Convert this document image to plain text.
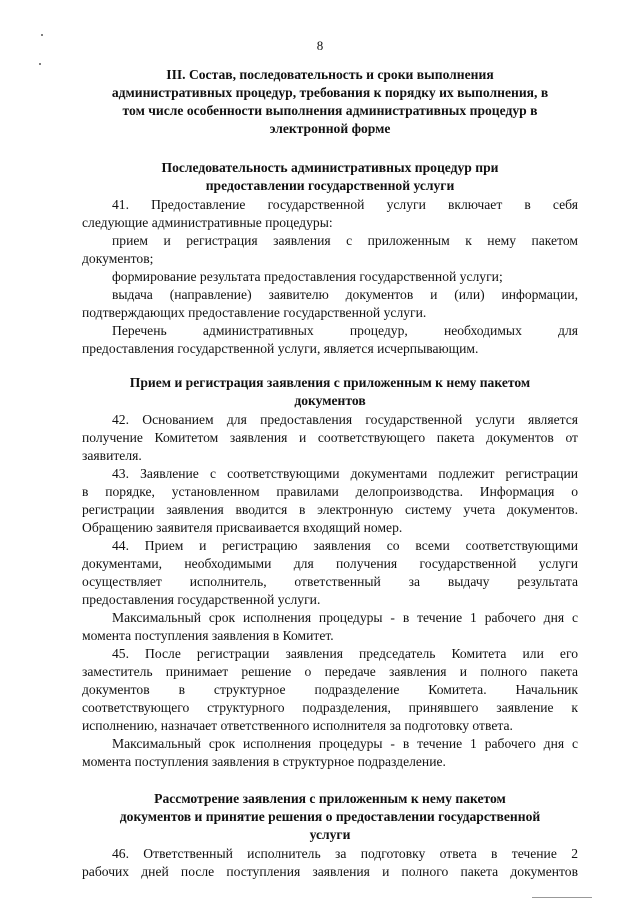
8
III. Состав, последовательность и сроки выполнения
административных процедур, требования к порядку их выполнения, в
том числе особенности выполнения административных процедур в
электронной форме
Последовательность административных процедур при
предоставлении государственной услуги
41. Предоставление государственной услуги включает в себя
следующие административные процедуры:
прием и регистрация заявления с приложенным к нему пакетом
документов;
формирование результата предоставления государственной услуги;
выдача (направление) заявителю документов и (или) информации,
подтверждающих предоставление государственной услуги.
Перечень административных процедур, необходимых для
предоставления государственной услуги, является исчерпывающим.
Прием и регистрация заявления с приложенным к нему пакетом
документов
42. Основанием для предоставления государственной услуги является
получение Комитетом заявления и соответствующего пакета документов от
заявителя.
43. Заявление с соответствующими документами подлежит регистрации
в порядке, установленном правилами делопроизводства. Информация о
регистрации заявления вводится в электронную систему учета документов.
Обращению заявителя присваивается входящий номер.
44. Прием и регистрацию заявления со всеми соответствующими
документами, необходимыми для получения государственной услуги
осуществляет исполнитель, ответственный за выдачу результата
предоставления государственной услуги.
Максимальный срок исполнения процедуры - в течение 1 рабочего дня с
момента поступления заявления в Комитет.
45. После регистрации заявления председатель Комитета или его
заместитель принимает решение о передаче заявления и полного пакета
документов в структурное подразделение Комитета. Начальник
соответствующего структурного подразделения, принявшего заявление к
исполнению, назначает ответственного исполнителя за подготовку ответа.
Максимальный срок исполнения процедуры - в течение 1 рабочего дня с
момента поступления заявления в структурное подразделение.
Рассмотрение заявления с приложенным к нему пакетом
документов и принятие решения о предоставлении государственной
услуги
46. Ответственный исполнитель за подготовку ответа в течение 2
рабочих дней после поступления заявления и полного пакета документов
